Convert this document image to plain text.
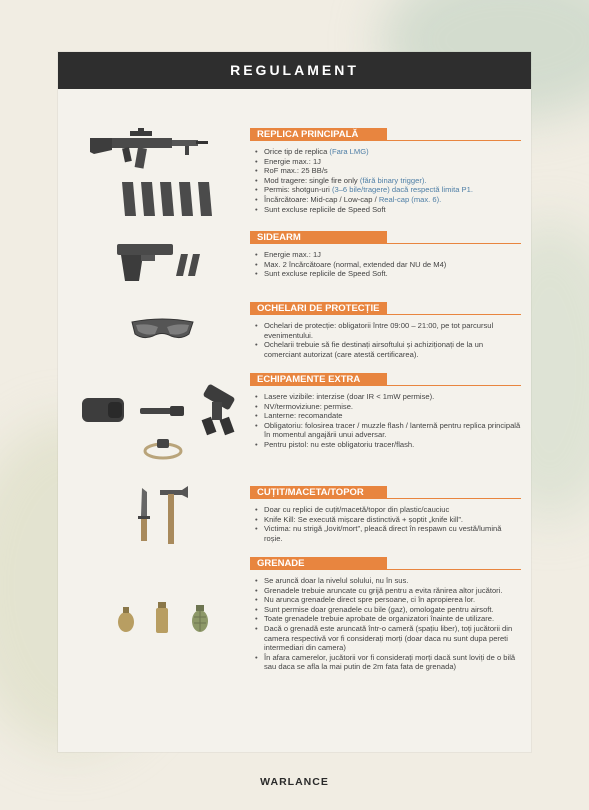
REGULAMENT
REPLICA PRINCIPALĂ
• Orice tip de replica (Fara LMG)
• Energie max.: 1J
• RoF max.: 25 BB/s
• Mod tragere: single fire only (fără binary trigger).
• Permis: shotgun-uri (3–6 bile/tragere) dacă respectă limita P1.
• Încărcătoare: Mid-cap / Low-cap / Real-cap (max. 6).
• Sunt excluse replicile de Speed Soft
SIDEARM
• Energie max.: 1J
• Max. 2 încărcătoare (normal, extended dar NU de M4)
• Sunt excluse replicile de Speed Soft.
OCHELARI DE PROTECȚIE
• Ochelari de protecție: obligatorii între 09:00 – 21:00, pe tot parcursul evenimentului.
• Ochelarii trebuie să fie destinați airsoftului și achiziționați de la un comerciant autorizat (care atestă certificarea).
ECHIPAMENTE EXTRA
• Lasere vizibile: interzise (doar IR < 1mW permise).
• NV/termoviziune: permise.
• Lanterne: recomandate
• Obligatoriu: folosirea tracer / muzzle flash / lanternă pentru replica principală în momentul angajării unui adversar.
• Pentru pistol: nu este obligatoriu tracer/flash.
CUȚIT/MACETA/TOPOR
• Doar cu replici de cuțit/macetă/topor din plastic/cauciuc
• Knife Kill: Se execută mișcare distinctivă + șoptit „knife kill”.
• Victima: nu strigă „lovit/mort”, pleacă direct în respawn cu vestă/lumină roșie.
GRENADE
• Se aruncă doar la nivelul solului, nu în sus.
• Grenadele trebuie aruncate cu grijă pentru a evita rănirea altor jucători.
• Nu arunca grenadele direct spre persoane, ci în apropierea lor.
• Sunt permise doar grenadele cu bile (gaz), omologate pentru airsoft.
• Toate grenadele trebuie aprobate de organizatori înainte de utilizare.
• Dacă o grenadă este aruncată într-o cameră (spațiu liber), toți jucătorii din camera respectivă vor fi considerați morți (doar daca nu sunt dupa pereti intermediari din camera)
• În afara camerelor, jucătorii vor fi considerați morți dacă sunt loviți de o bilă sau daca se afla la mai putin de 2m fata fata de grenada)
WARLANCE
